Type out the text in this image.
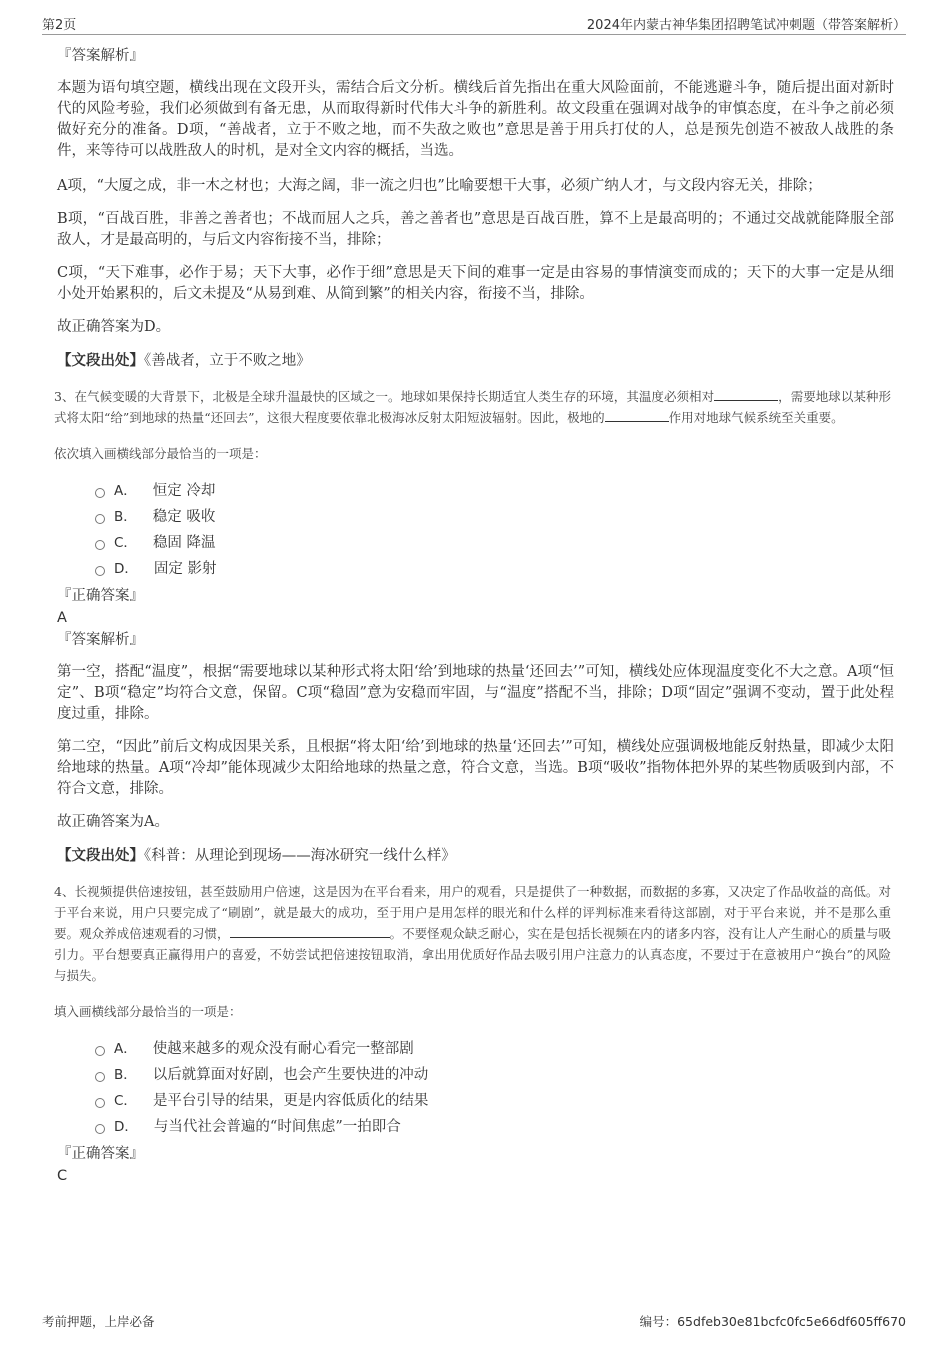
第2页	2024年内蒙古神华集团招聘笔试冲刺题（带答案解析）
『答案解析』

本题为语句填空题，横线出现在文段开头，需结合后文分析。横线后首先指出在重大风险面前，不能逃避斗争，随后提出面对新时代的风险考验，我们必须做到有备无患，从而取得新时代伟大斗争的新胜利。故文段重在强调对战争的审慎态度，在斗争之前必须做好充分的准备。D项，“善战者，立于不败之地，而不失敌之败也”意思是善于用兵打仗的人，总是预先创造不被敌人战胜的条件，来等待可以战胜敌人的时机，是对全文内容的概括，当选。

A项，“大厦之成，非一木之材也；大海之阔，非一流之归也”比喻要想干大事，必须广纳人才，与文段内容无关，排除；

B项，“百战百胜，非善之善者也；不战而屈人之兵，善之善者也”意思是百战百胜，算不上是最高明的；不通过交战就能降服全部敌人，才是最高明的，与后文内容衔接不当，排除；

C项，“天下难事，必作于易；天下大事，必作于细”意思是天下间的难事一定是由容易的事情演变而成的；天下的大事一定是从细小处开始累积的，后文未提及“从易到难、从简到繁”的相关内容，衔接不当，排除。

故正确答案为D。

【文段出处】《善战者，立于不败之地》

3、在气候变暖的大背景下，北极是全球升温最快的区域之一。地球如果保持长期适宜人类生存的环境，其温度必须相对	，需要地球以某种形式将太阳“给”到地球的热量“还回去”，这很大程度要依靠北极海冰反射太阳短波辐射。因此，极地的	作用对地球气候系统至关重要。

依次填入画横线部分最恰当的一项是：

A． 恒定 冷却
B． 稳定 吸收
C． 稳固 降温
D． 固定 影射
『正确答案』
A
『答案解析』

第一空，搭配“温度”，根据“需要地球以某种形式将太阳‘给’到地球的热量‘还回去’”可知，横线处应体现温度变化不大之意。A项“恒定”、B项“稳定”均符合文意，保留。C项“稳固”意为安稳而牢固，与“温度”搭配不当，排除；D项“固定”强调不变动，置于此处程度过重，排除。

第二空，“因此”前后文构成因果关系，且根据“将太阳‘给’到地球的热量‘还回去’”可知，横线处应强调极地能反射热量，即减少太阳给地球的热量。A项“冷却”能体现减少太阳给地球的热量之意，符合文意，当选。B项“吸收”指物体把外界的某些物质吸到内部，不符合文意，排除。

故正确答案为A。

【文段出处】《科普：从理论到现场——海冰研究一线什么样》

4、长视频提供倍速按钮，甚至鼓励用户倍速，这是因为在平台看来，用户的观看，只是提供了一种数据，而数据的多寡，又决定了作品收益的高低。对于平台来说，用户只要完成了“刷剧”，就是最大的成功，至于用户是用怎样的眼光和什么样的评判标准来看待这部剧，对于平台来说，并不是那么重要。观众养成倍速观看的习惯，	。不要怪观众缺乏耐心，实在是包括长视频在内的诸多内容，没有让人产生耐心的质量与吸引力。平台想要真正赢得用户的喜爱，不妨尝试把倍速按钮取消，拿出用优质好作品去吸引用户注意力的认真态度，不要过于在意被用户“换台”的风险与损失。

填入画横线部分最恰当的一项是：

A． 使越来越多的观众没有耐心看完一整部剧
B． 以后就算面对好剧，也会产生要快进的冲动
C． 是平台引导的结果，更是内容低质化的结果
D． 与当代社会普遍的“时间焦虑”一拍即合
『正确答案』
C
考前押题，上岸必备	编号：65dfeb30e81bcfc0fc5e66df605ff670
